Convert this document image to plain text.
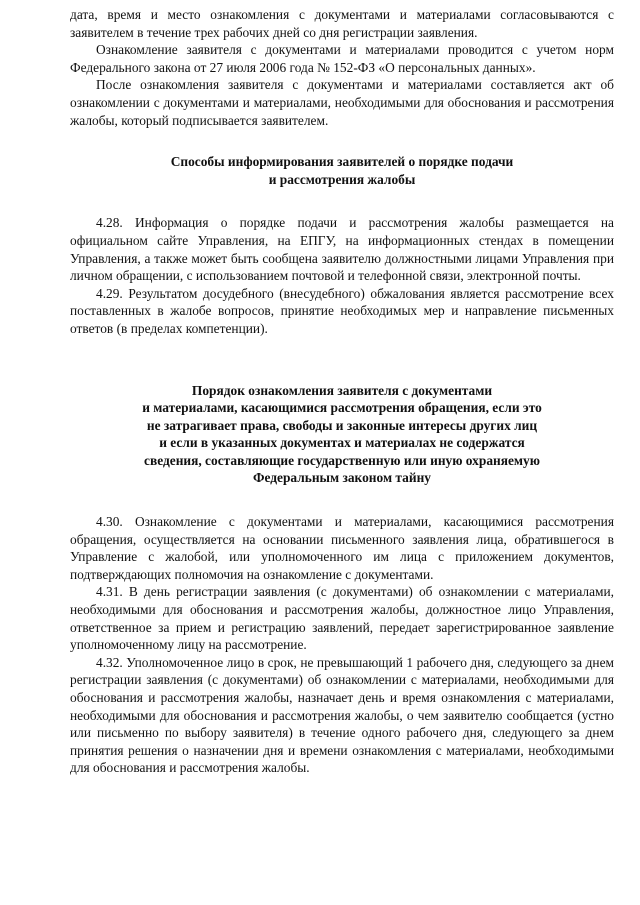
дата, время и место ознакомления с документами и материалами согласовываются с заявителем в течение трех рабочих дней со дня регистрации заявления.

Ознакомление заявителя с документами и материалами проводится с учетом норм Федерального закона от 27 июля 2006 года № 152-ФЗ «О персональных данных».

После ознакомления заявителя с документами и материалами составляется акт об ознакомлении с документами и материалами, необходимыми для обоснования и рассмотрения жалобы, который подписывается заявителем.

Способы информирования заявителей о порядке подачи
и рассмотрения жалобы

4.28. Информация о порядке подачи и рассмотрения жалобы размещается на официальном сайте Управления, на ЕПГУ, на информационных стендах в помещении Управления, а также может быть сообщена заявителю должностными лицами Управления при личном обращении, с использованием почтовой и телефонной связи, электронной почты.

4.29. Результатом досудебного (внесудебного) обжалования является рассмотрение всех поставленных в жалобе вопросов, принятие необходимых мер и направление письменных ответов (в пределах компетенции).

Порядок ознакомления заявителя с документами
и материалами, касающимися рассмотрения обращения, если это
не затрагивает права, свободы и законные интересы других лиц
и если в указанных документах и материалах не содержатся
сведения, составляющие государственную или иную охраняемую
Федеральным законом тайну

4.30. Ознакомление с документами и материалами, касающимися рассмотрения обращения, осуществляется на основании письменного заявления лица, обратившегося в Управление с жалобой, или уполномоченного им лица с приложением документов, подтверждающих полномочия на ознакомление с документами.

4.31. В день регистрации заявления (с документами) об ознакомлении с материалами, необходимыми для обоснования и рассмотрения жалобы, должностное лицо Управления, ответственное за прием и регистрацию заявлений, передает зарегистрированное заявление уполномоченному лицу на рассмотрение.

4.32. Уполномоченное лицо в срок, не превышающий 1 рабочего дня, следующего за днем регистрации заявления (с документами) об ознакомлении с материалами, необходимыми для обоснования и рассмотрения жалобы, назначает день и время ознакомления с материалами, необходимыми для обоснования и рассмотрения жалобы, о чем заявителю сообщается (устно или письменно по выбору заявителя) в течение одного рабочего дня, следующего за днем принятия решения о назначении дня и времени ознакомления с материалами, необходимыми для обоснования и рассмотрения жалобы.
